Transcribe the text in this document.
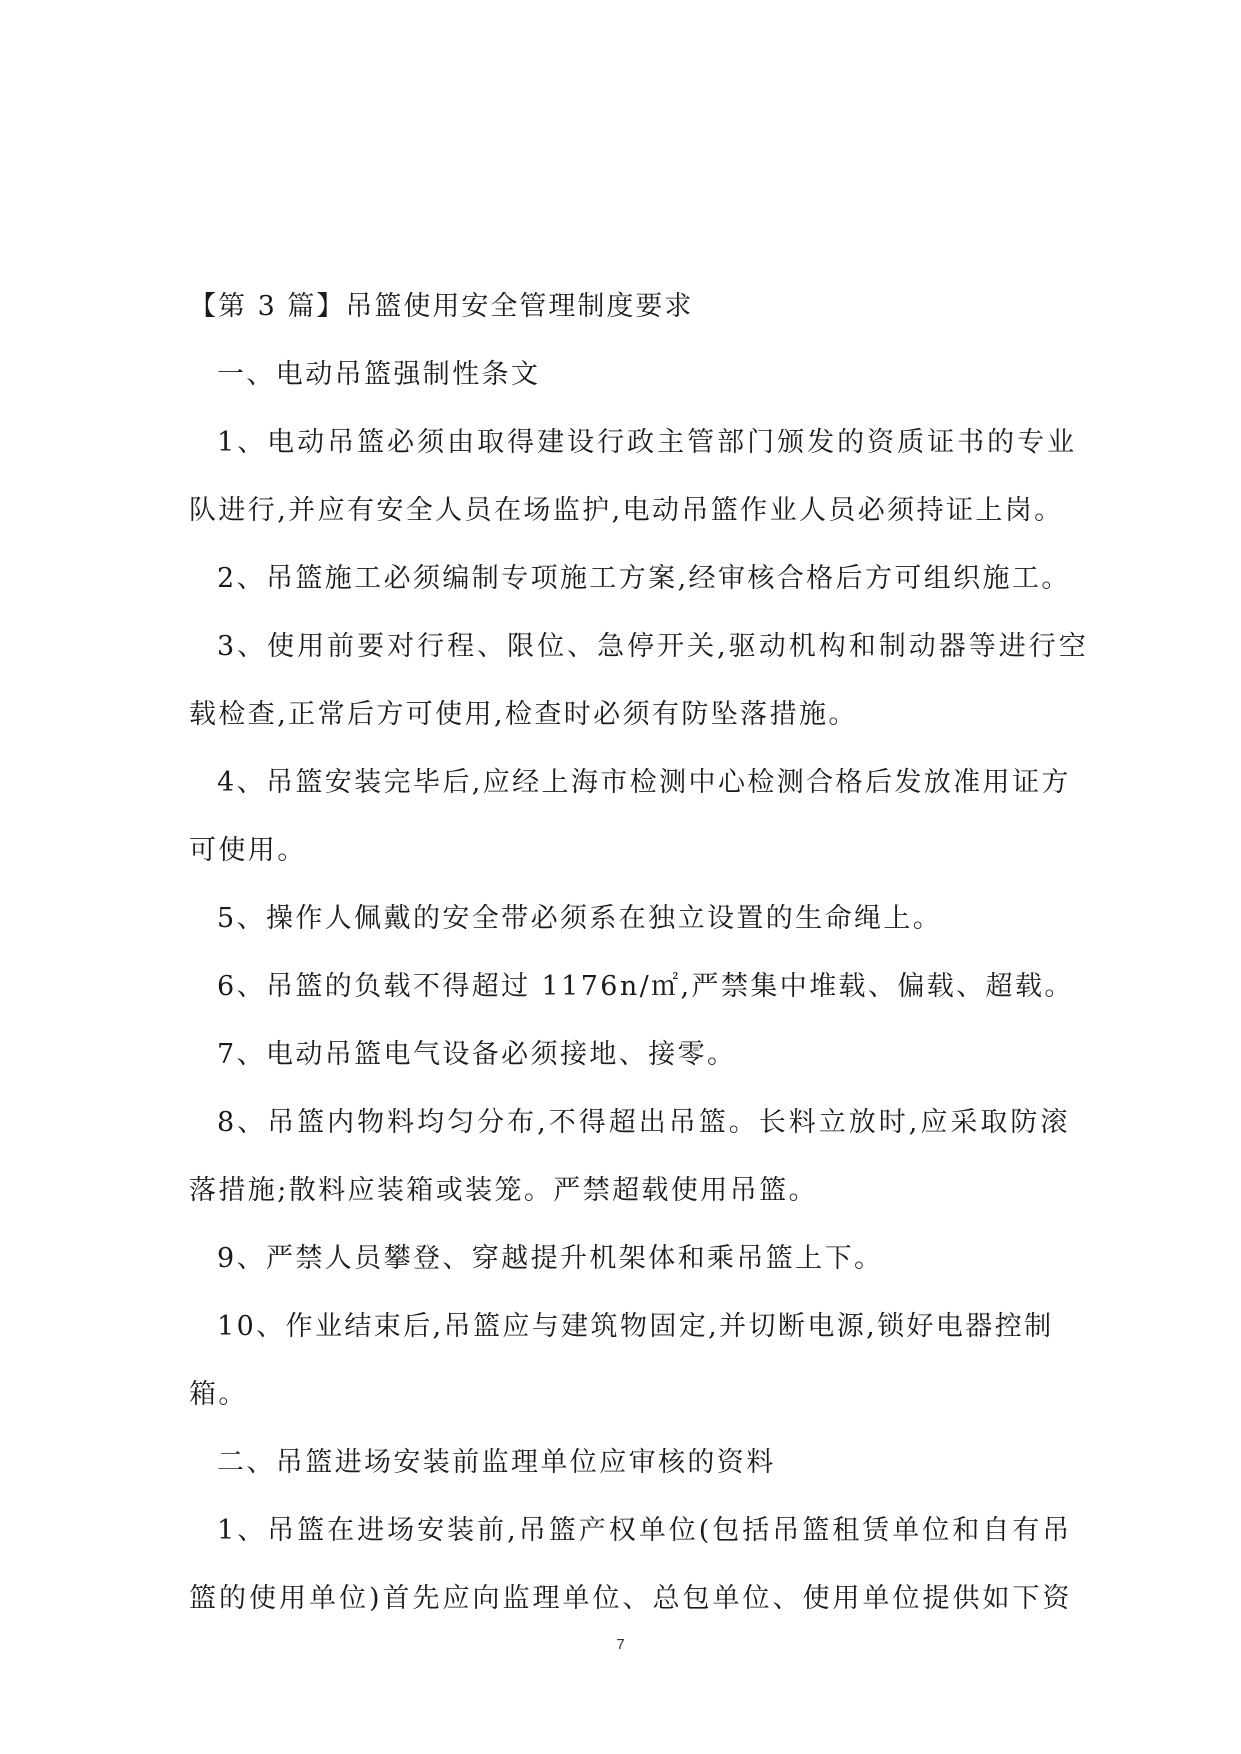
【第 3 篇】吊篮使用安全管理制度要求

一、电动吊篮强制性条文

1、电动吊篮必须由取得建设行政主管部门颁发的资质证书的专业

队进行,并应有安全人员在场监护,电动吊篮作业人员必须持证上岗。

2、吊篮施工必须编制专项施工方案,经审核合格后方可组织施工。

3、使用前要对行程、限位、急停开关,驱动机构和制动器等进行空

载检查,正常后方可使用,检查时必须有防坠落措施。

4、吊篮安装完毕后,应经上海市检测中心检测合格后发放准用证方

可使用。

5、操作人佩戴的安全带必须系在独立设置的生命绳上。

6、吊篮的负载不得超过 1176n/㎡,严禁集中堆载、偏载、超载。

7、电动吊篮电气设备必须接地、接零。

8、吊篮内物料均匀分布,不得超出吊篮。长料立放时,应采取防滚

落措施;散料应装箱或装笼。严禁超载使用吊篮。

9、严禁人员攀登、穿越提升机架体和乘吊篮上下。

10、作业结束后,吊篮应与建筑物固定,并切断电源,锁好电器控制

箱。

二、吊篮进场安装前监理单位应审核的资料

1、吊篮在进场安装前,吊篮产权单位(包括吊篮租赁单位和自有吊

篮的使用单位)首先应向监理单位、总包单位、使用单位提供如下资

7
